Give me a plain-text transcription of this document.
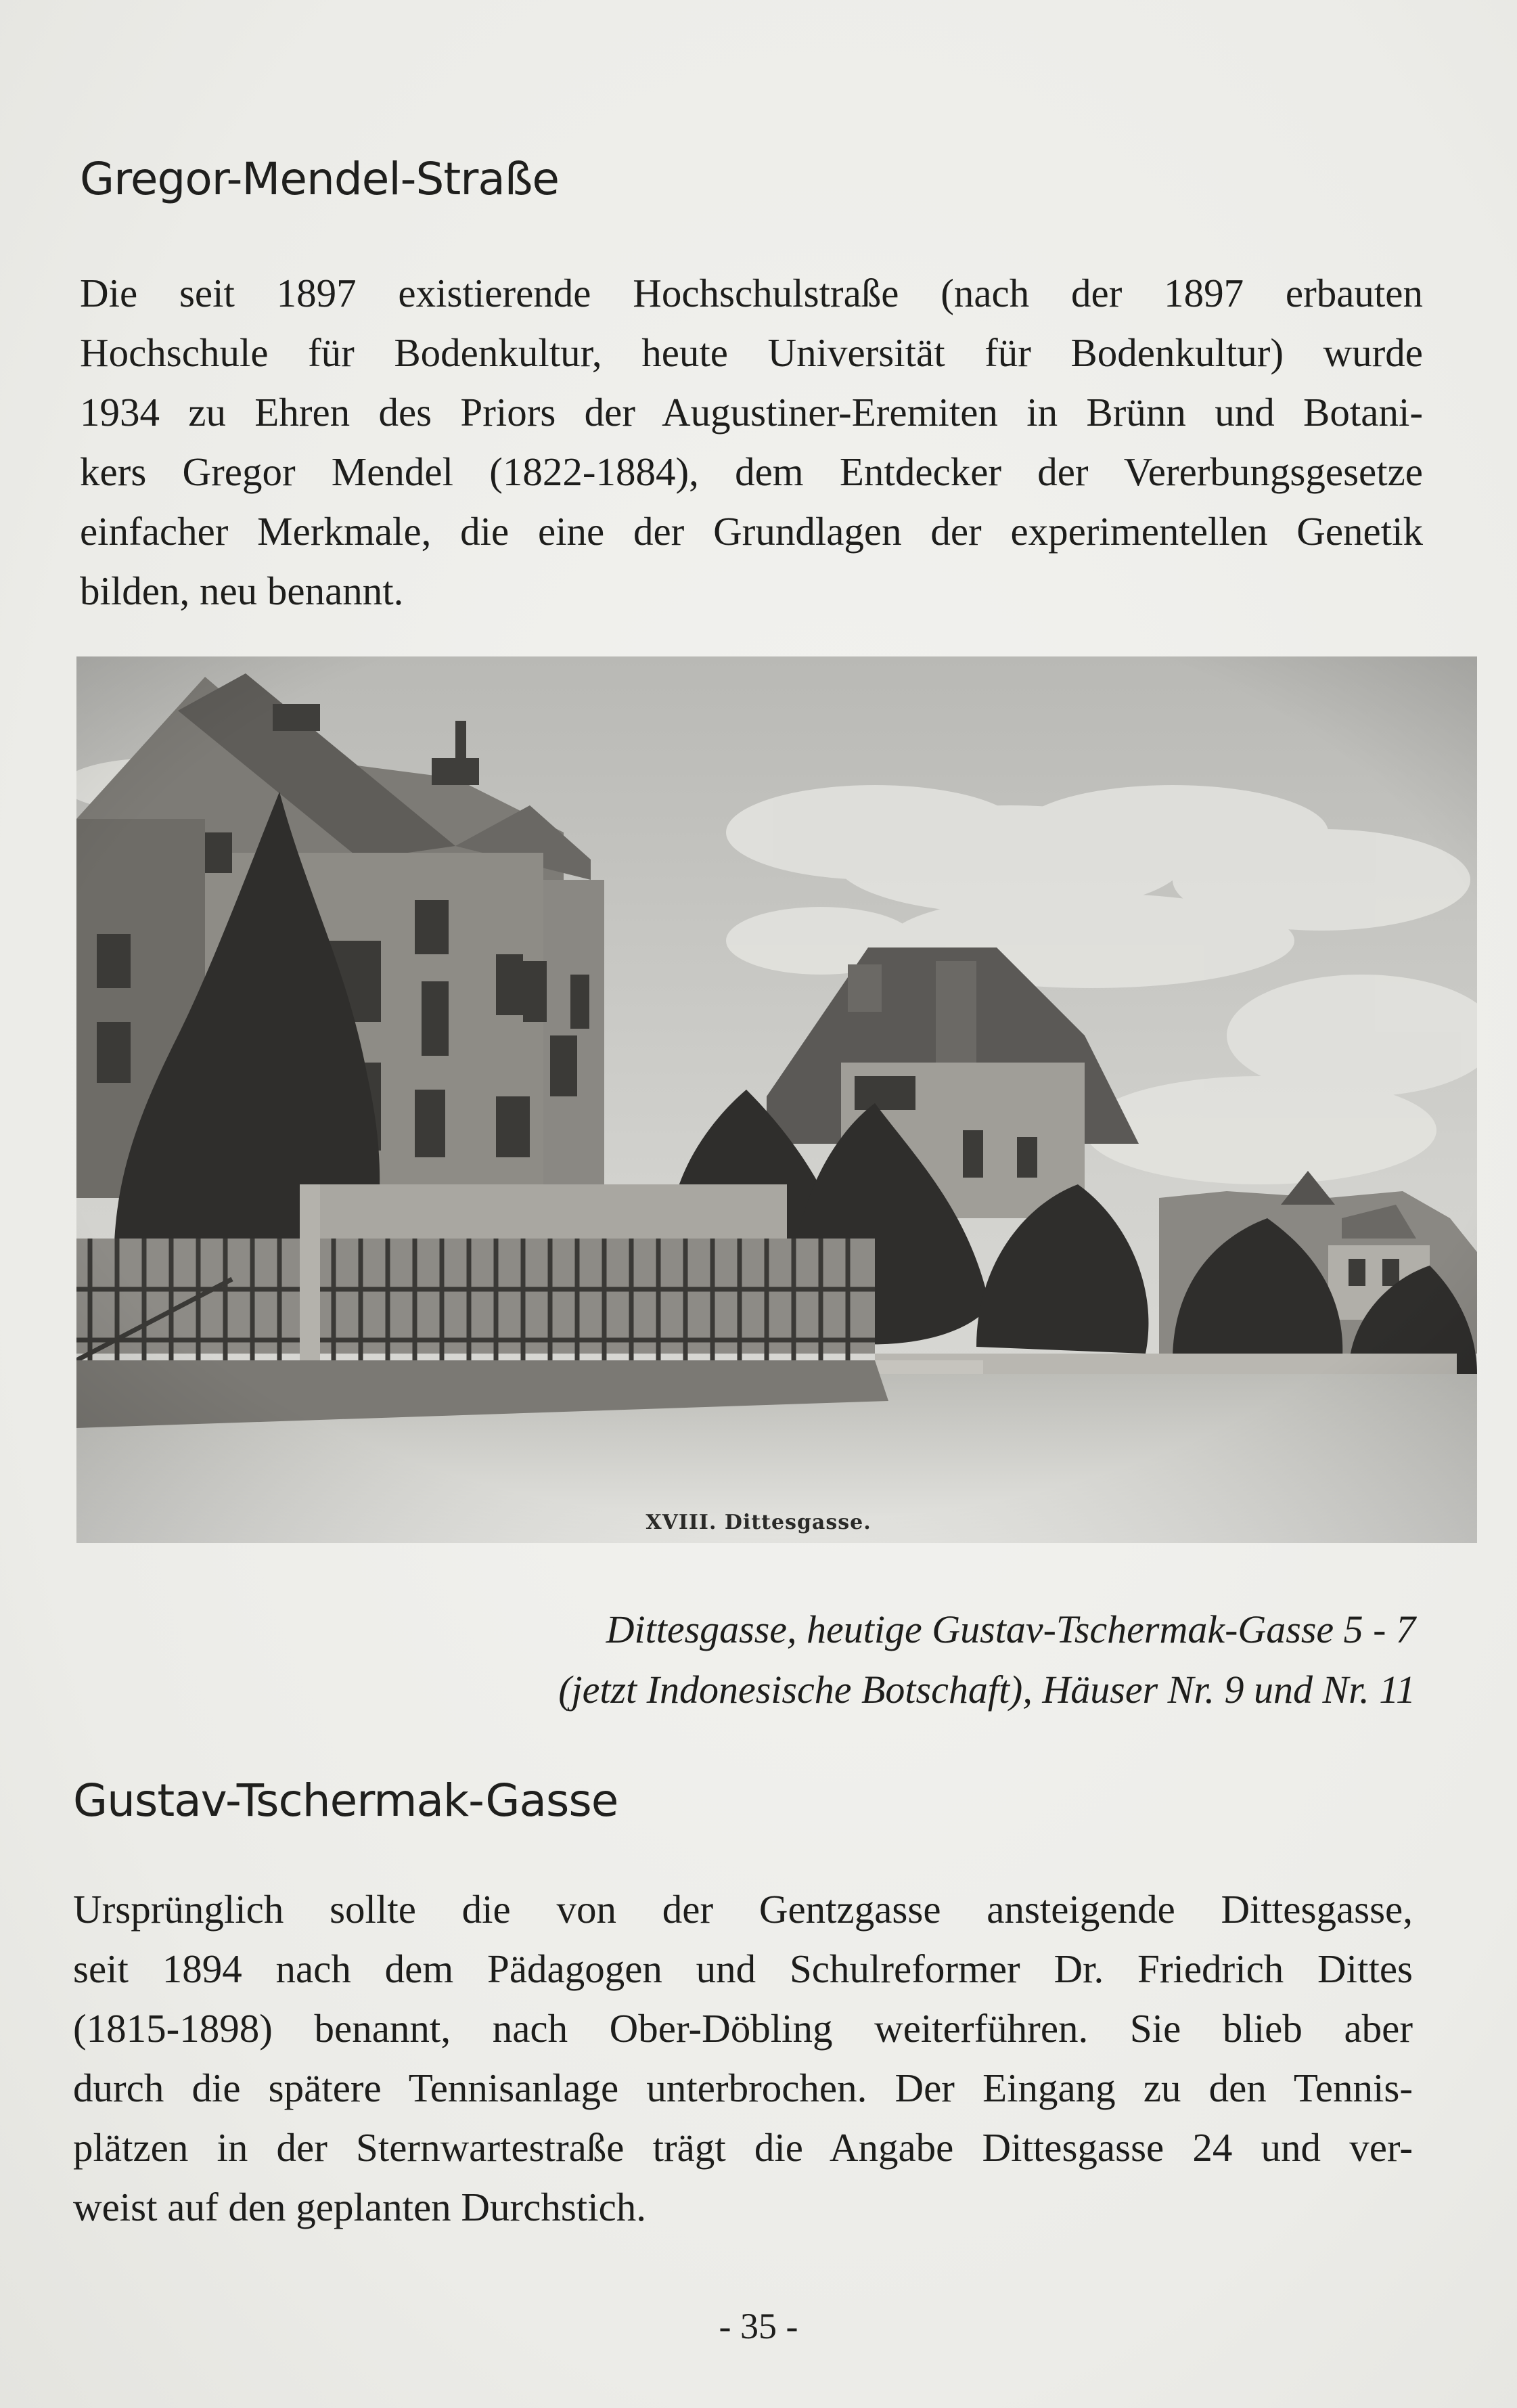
Gregor-Mendel-Straße
Die seit 1897 existierende Hochschulstraße (nach der 1897 erbauten
Hochschule für Bodenkultur, heute Universität für Bodenkultur) wurde
1934 zu Ehren des Priors der Augustiner-Eremiten in Brünn und Botani-
kers Gregor Mendel (1822-1884), dem Entdecker der Vererbungsgesetze
einfacher Merkmale, die eine der Grundlagen der experimentellen Genetik
bilden, neu benannt.
XVIII. Dittesgasse.
Dittesgasse, heutige Gustav-Tschermak-Gasse 5 - 7
(jetzt Indonesische Botschaft), Häuser Nr. 9 und Nr. 11
Gustav-Tschermak-Gasse
Ursprünglich sollte die von der Gentzgasse ansteigende Dittesgasse,
seit 1894 nach dem Pädagogen und Schulreformer Dr. Friedrich Dittes
(1815-1898) benannt, nach Ober-Döbling weiterführen. Sie blieb aber
durch die spätere Tennisanlage unterbrochen. Der Eingang zu den Tennis-
plätzen in der Sternwartestraße trägt die Angabe Dittesgasse 24 und ver-
weist auf den geplanten Durchstich.
- 35 -
